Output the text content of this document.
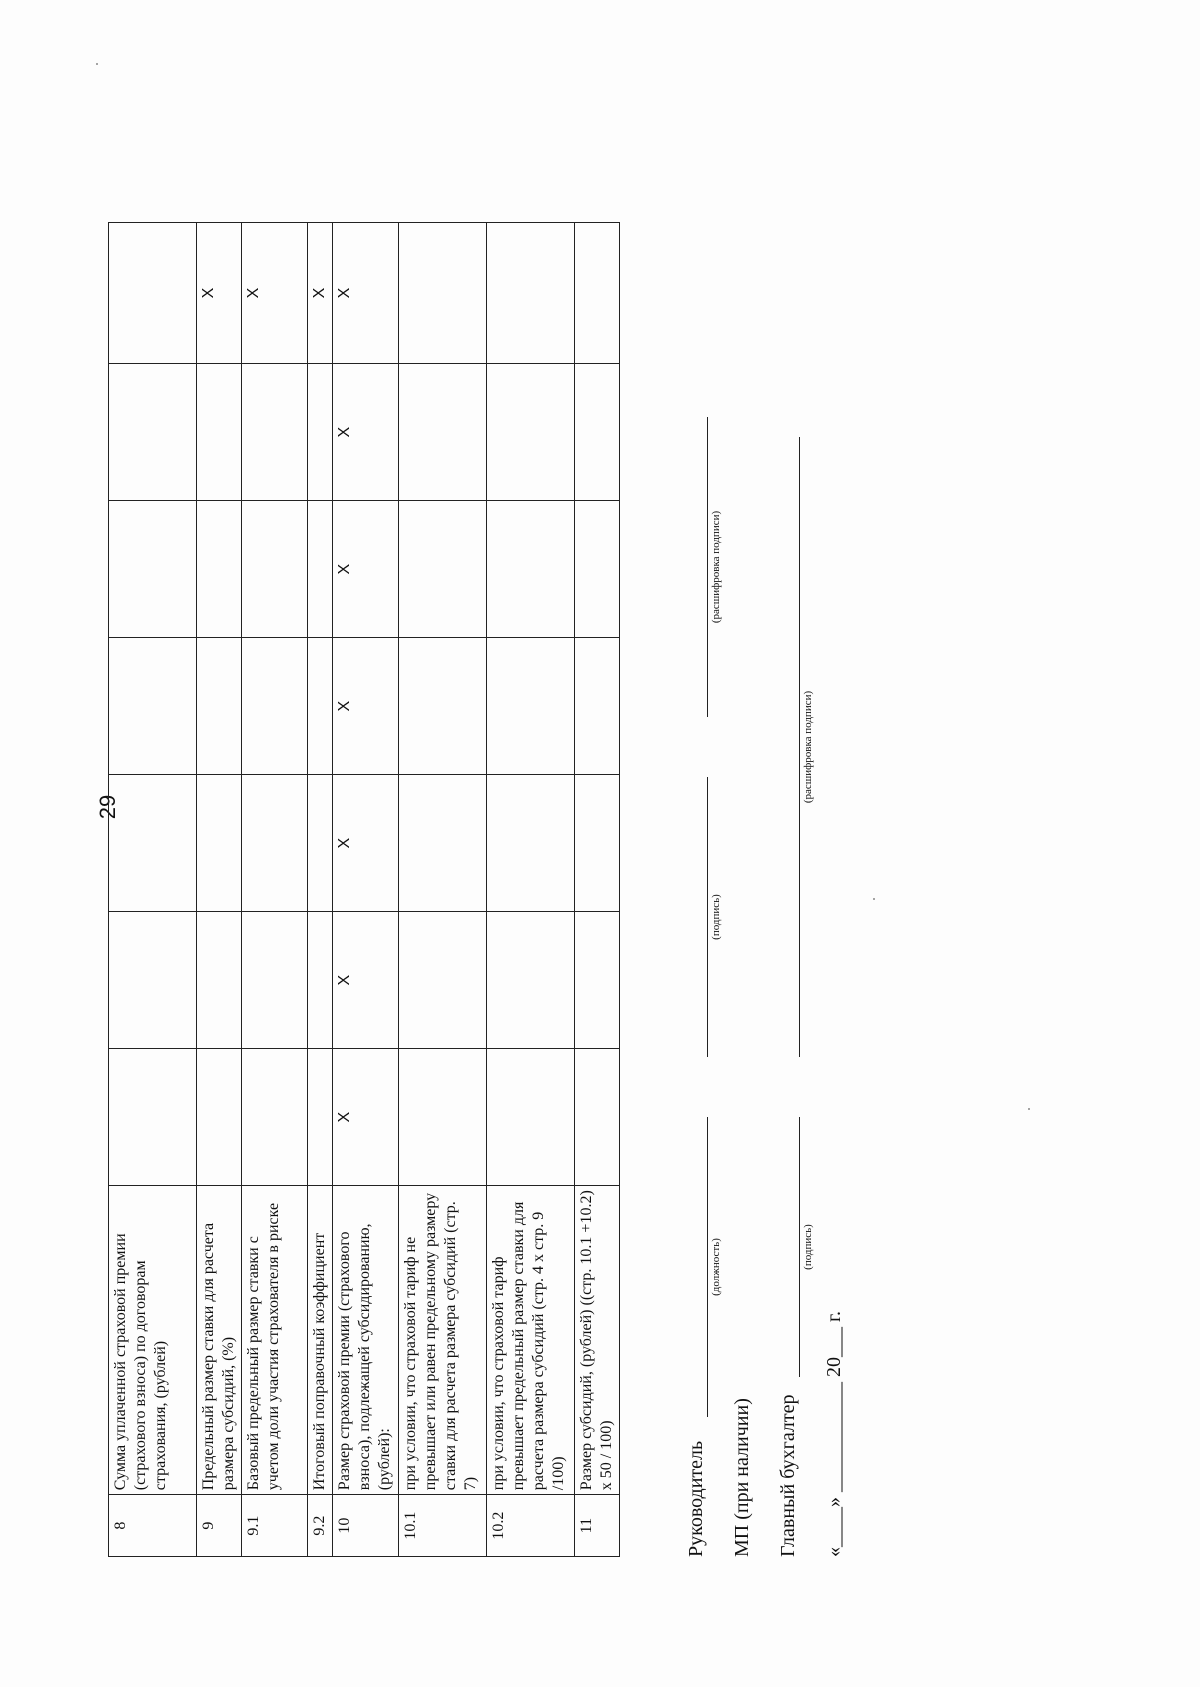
29
8	Сумма уплаченной страховой премии (страхового взноса) по договорам страхования, (рублей)							
9	Предельный размер ставки для расчета размера субсидий, (%)							X
9.1	Базовый предельный размер ставки с учетом доли участия страхователя в риске							X
9.2	Итоговый поправочный коэффициент							X
10	Размер страховой премии (страхового взноса), подлежащей субсидированию,(рублей):	X	X	X	X	X	X	X
10.1	при условии, что страховой тариф не превышает или равен предельному размеру ставки для расчета размера субсидий (стр. 7)							
10.2	при условии, что страховой тариф превышает предельный размер ставки для расчета размера субсидий (стр. 4 х стр. 9 /100)							
11	Размер субсидий, (рублей) ((стр. 10.1 +10.2) х 50 / 100)								Руководитель
(должность)
(подпись)
(расшифровка подписи)
МП (при наличии) Главный бухгалтер
(подпись)
(расшифровка подписи)
«____» ___________ 20___ г.
